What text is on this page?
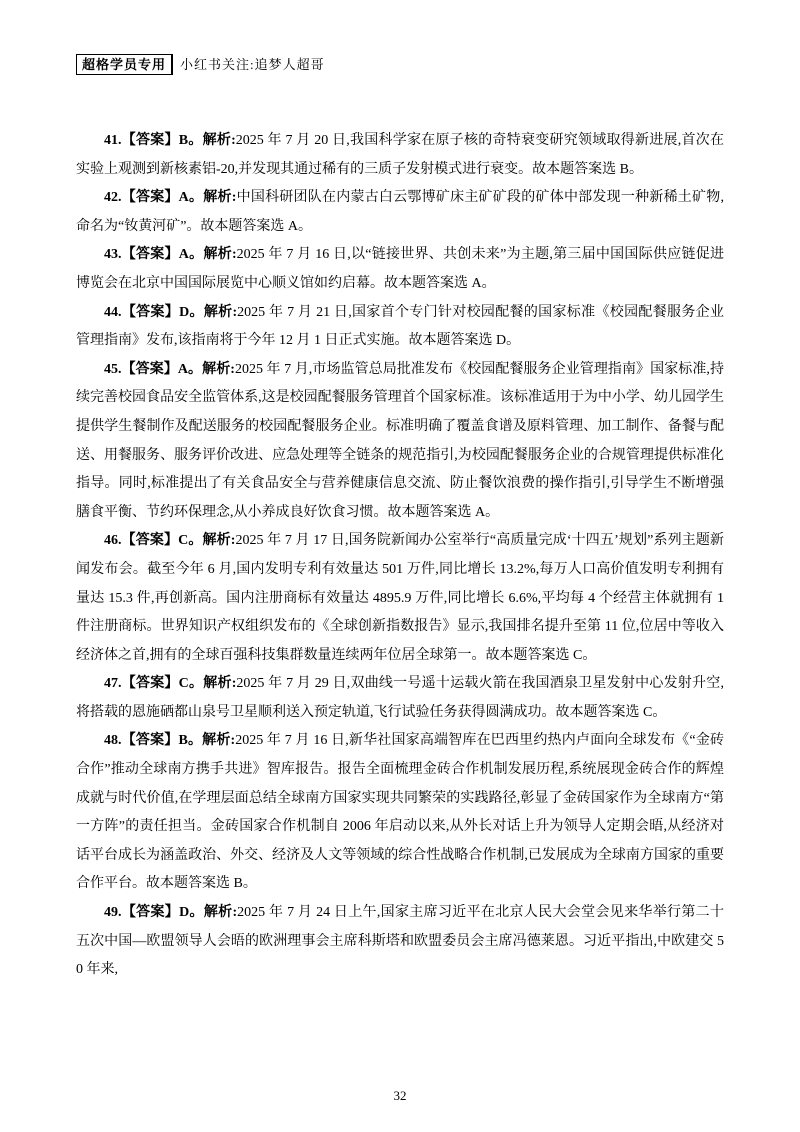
超格学员专用	小红书关注:追梦人超哥

41.【答案】B。解析:2025 年 7 月 20 日,我国科学家在原子核的奇特衰变研究领域取得新进展,首次在实验上观测到新核素铝-20,并发现其通过稀有的三质子发射模式进行衰变。故本题答案选 B。

42.【答案】A。解析:中国科研团队在内蒙古白云鄂博矿床主矿矿段的矿体中部发现一种新稀土矿物,命名为“钕黄河矿”。故本题答案选 A。

43.【答案】A。解析:2025 年 7 月 16 日,以“链接世界、共创未来”为主题,第三届中国国际供应链促进博览会在北京中国国际展览中心顺义馆如约启幕。故本题答案选 A。

44.【答案】D。解析:2025 年 7 月 21 日,国家首个专门针对校园配餐的国家标准《校园配餐服务企业管理指南》发布,该指南将于今年 12 月 1 日正式实施。故本题答案选 D。

45.【答案】A。解析:2025 年 7 月,市场监管总局批准发布《校园配餐服务企业管理指南》国家标准,持续完善校园食品安全监管体系,这是校园配餐服务管理首个国家标准。该标准适用于为中小学、幼儿园学生提供学生餐制作及配送服务的校园配餐服务企业。标准明确了覆盖食谱及原料管理、加工制作、备餐与配送、用餐服务、服务评价改进、应急处理等全链条的规范指引,为校园配餐服务企业的合规管理提供标准化指导。同时,标准提出了有关食品安全与营养健康信息交流、防止餐饮浪费的操作指引,引导学生不断增强膳食平衡、节约环保理念,从小养成良好饮食习惯。故本题答案选 A。

46.【答案】C。解析:2025 年 7 月 17 日,国务院新闻办公室举行“高质量完成‘十四五’规划”系列主题新闻发布会。截至今年 6 月,国内发明专利有效量达 501 万件,同比增长 13.2%,每万人口高价值发明专利拥有量达 15.3 件,再创新高。国内注册商标有效量达 4895.9 万件,同比增长 6.6%,平均每 4 个经营主体就拥有 1 件注册商标。世界知识产权组织发布的《全球创新指数报告》显示,我国排名提升至第 11 位,位居中等收入经济体之首,拥有的全球百强科技集群数量连续两年位居全球第一。故本题答案选 C。

47.【答案】C。解析:2025 年 7 月 29 日,双曲线一号遥十运载火箭在我国酒泉卫星发射中心发射升空,将搭载的恩施硒都山泉号卫星顺利送入预定轨道,飞行试验任务获得圆满成功。故本题答案选 C。

48.【答案】B。解析:2025 年 7 月 16 日,新华社国家高端智库在巴西里约热内卢面向全球发布《“金砖合作”推动全球南方携手共进》智库报告。报告全面梳理金砖合作机制发展历程,系统展现金砖合作的辉煌成就与时代价值,在学理层面总结全球南方国家实现共同繁荣的实践路径,彰显了金砖国家作为全球南方“第一方阵”的责任担当。金砖国家合作机制自 2006 年启动以来,从外长对话上升为领导人定期会晤,从经济对话平台成长为涵盖政治、外交、经济及人文等领域的综合性战略合作机制,已发展成为全球南方国家的重要合作平台。故本题答案选 B。

49.【答案】D。解析:2025 年 7 月 24 日上午,国家主席习近平在北京人民大会堂会见来华举行第二十五次中国—欧盟领导人会晤的欧洲理事会主席科斯塔和欧盟委员会主席冯德莱恩。习近平指出,中欧建交 50 年来,

32
